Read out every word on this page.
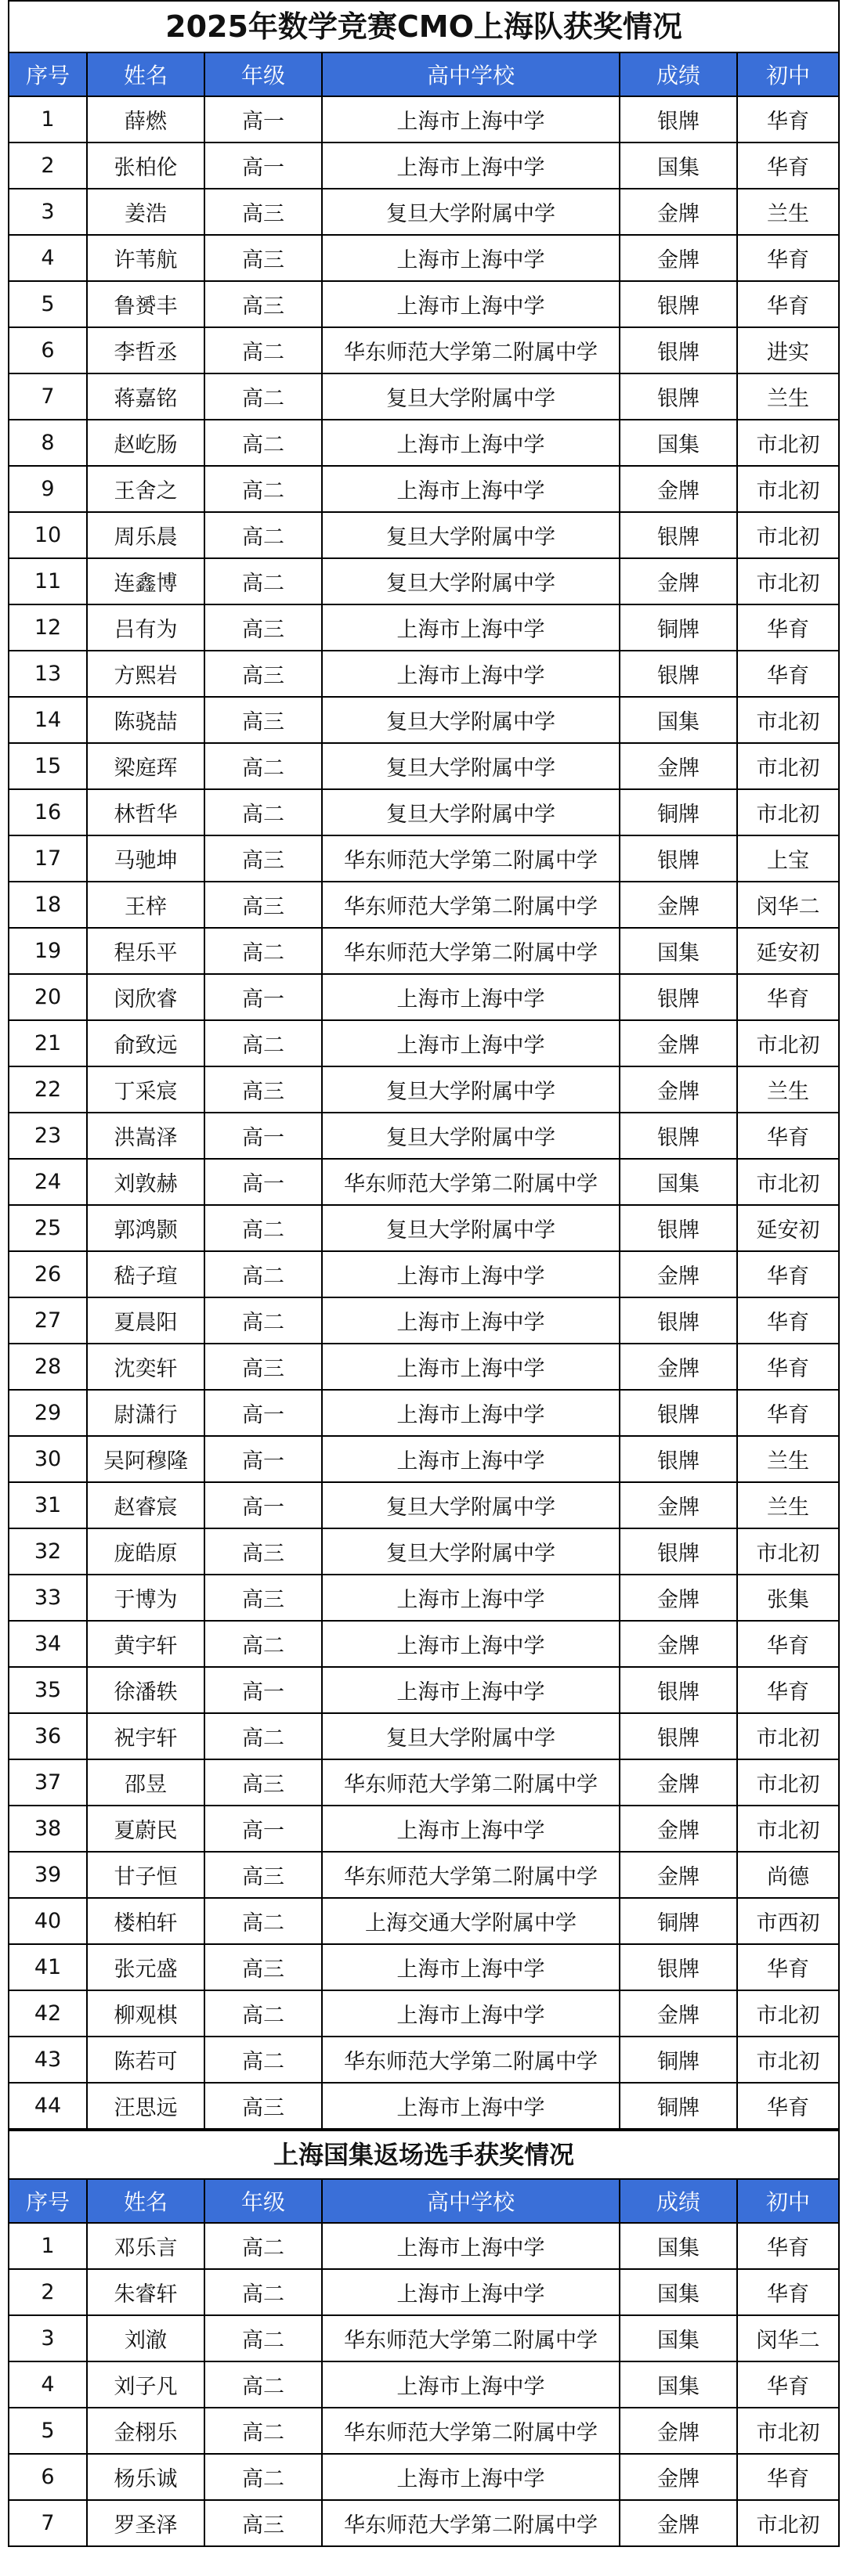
2025年数学竞赛CMO上海队获奖情况					
序号	姓名	年级	高中学校	成绩	初中
1	薛燃	高一	上海市上海中学	银牌	华育
2	张柏伦	高一	上海市上海中学	国集	华育
3	姜浩	高三	复旦大学附属中学	金牌	兰生
4	许苇航	高三	上海市上海中学	金牌	华育
5	鲁赟丰	高三	上海市上海中学	银牌	华育
6	李哲丞	高二	华东师范大学第二附属中学	银牌	进实
7	蒋嘉铭	高二	复旦大学附属中学	银牌	兰生
8	赵屹肠	高二	上海市上海中学	国集	市北初
9	王舍之	高二	上海市上海中学	金牌	市北初
10	周乐晨	高二	复旦大学附属中学	银牌	市北初
11	连鑫博	高二	复旦大学附属中学	金牌	市北初
12	吕有为	高三	上海市上海中学	铜牌	华育
13	方熙岩	高三	上海市上海中学	银牌	华育
14	陈骁喆	高三	复旦大学附属中学	国集	市北初
15	梁庭珲	高二	复旦大学附属中学	金牌	市北初
16	林哲华	高二	复旦大学附属中学	铜牌	市北初
17	马驰坤	高三	华东师范大学第二附属中学	银牌	上宝
18	王梓	高三	华东师范大学第二附属中学	金牌	闵华二
19	程乐平	高二	华东师范大学第二附属中学	国集	延安初
20	闵欣睿	高一	上海市上海中学	银牌	华育
21	俞致远	高二	上海市上海中学	金牌	市北初
22	丁采宸	高三	复旦大学附属中学	金牌	兰生
23	洪嵩泽	高一	复旦大学附属中学	银牌	华育
24	刘敦赫	高一	华东师范大学第二附属中学	国集	市北初
25	郭鸿颢	高二	复旦大学附属中学	银牌	延安初
26	嵇子瑄	高二	上海市上海中学	金牌	华育
27	夏晨阳	高二	上海市上海中学	银牌	华育
28	沈奕轩	高三	上海市上海中学	金牌	华育
29	尉潇行	高一	上海市上海中学	银牌	华育
30	吴阿穆隆	高一	上海市上海中学	银牌	兰生
31	赵睿宸	高一	复旦大学附属中学	金牌	兰生
32	庞皓原	高三	复旦大学附属中学	银牌	市北初
33	于博为	高三	上海市上海中学	金牌	张集
34	黄宇轩	高二	上海市上海中学	金牌	华育
35	徐潘轶	高一	上海市上海中学	银牌	华育
36	祝宇轩	高二	复旦大学附属中学	银牌	市北初
37	邵昱	高三	华东师范大学第二附属中学	金牌	市北初
38	夏蔚民	高一	上海市上海中学	金牌	市北初
39	甘子恒	高三	华东师范大学第二附属中学	金牌	尚德
40	楼柏轩	高二	上海交通大学附属中学	铜牌	市西初
41	张元盛	高三	上海市上海中学	银牌	华育
42	柳观棋	高二	上海市上海中学	金牌	市北初
43	陈若可	高二	华东师范大学第二附属中学	铜牌	市北初
44	汪思远	高三	上海市上海中学	铜牌	华育
上海国集返场选手获奖情况					
序号	姓名	年级	高中学校	成绩	初中
1	邓乐言	高二	上海市上海中学	国集	华育
2	朱睿轩	高二	上海市上海中学	国集	华育
3	刘澈	高二	华东师范大学第二附属中学	国集	闵华二
4	刘子凡	高二	上海市上海中学	国集	华育
5	金栩乐	高二	华东师范大学第二附属中学	金牌	市北初
6	杨乐诚	高二	上海市上海中学	金牌	华育
7	罗圣泽	高三	华东师范大学第二附属中学	金牌	市北初
